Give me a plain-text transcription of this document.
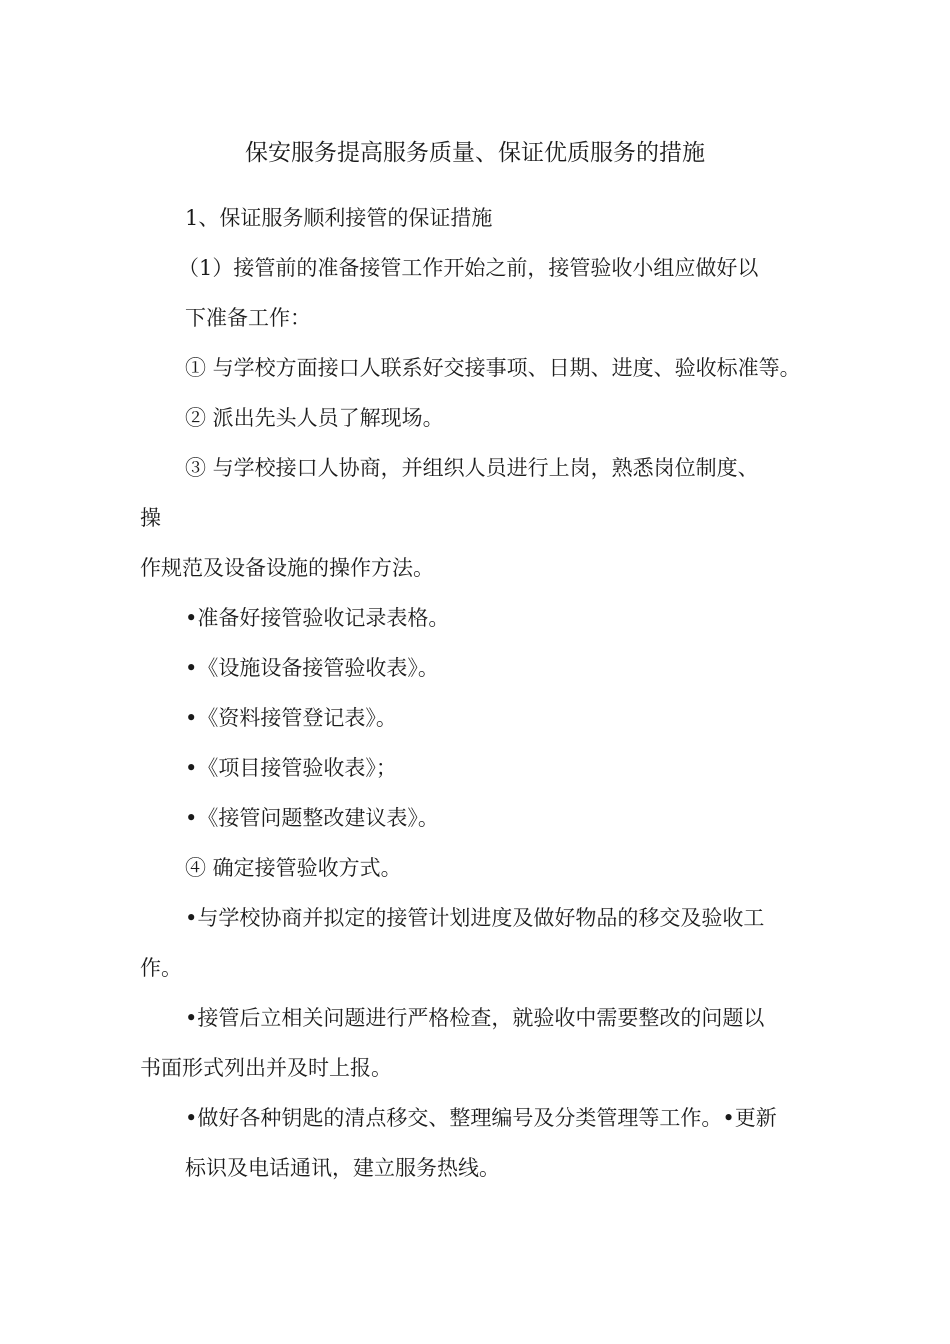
保安服务提高服务质量、保证优质服务的措施
1、保证服务顺利接管的保证措施
（1）接管前的准备接管工作开始之前，接管验收小组应做好以
下准备工作：
① 与学校方面接口人联系好交接事项、日期、进度、验收标准等。
② 派出先头人员了解现场。
③ 与学校接口人协商，并组织人员进行上岗，熟悉岗位制度、
操
作规范及设备设施的操作方法。
•准备好接管验收记录表格。
•《设施设备接管验收表》。
•《资料接管登记表》。
•《项目接管验收表》；
•《接管问题整改建议表》。
④ 确定接管验收方式。
•与学校协商并拟定的接管计划进度及做好物品的移交及验收工
作。
•接管后立相关问题进行严格检查，就验收中需要整改的问题以
书面形式列出并及时上报。
•做好各种钥匙的清点移交、整理编号及分类管理等工作。•更新
标识及电话通讯，建立服务热线。
